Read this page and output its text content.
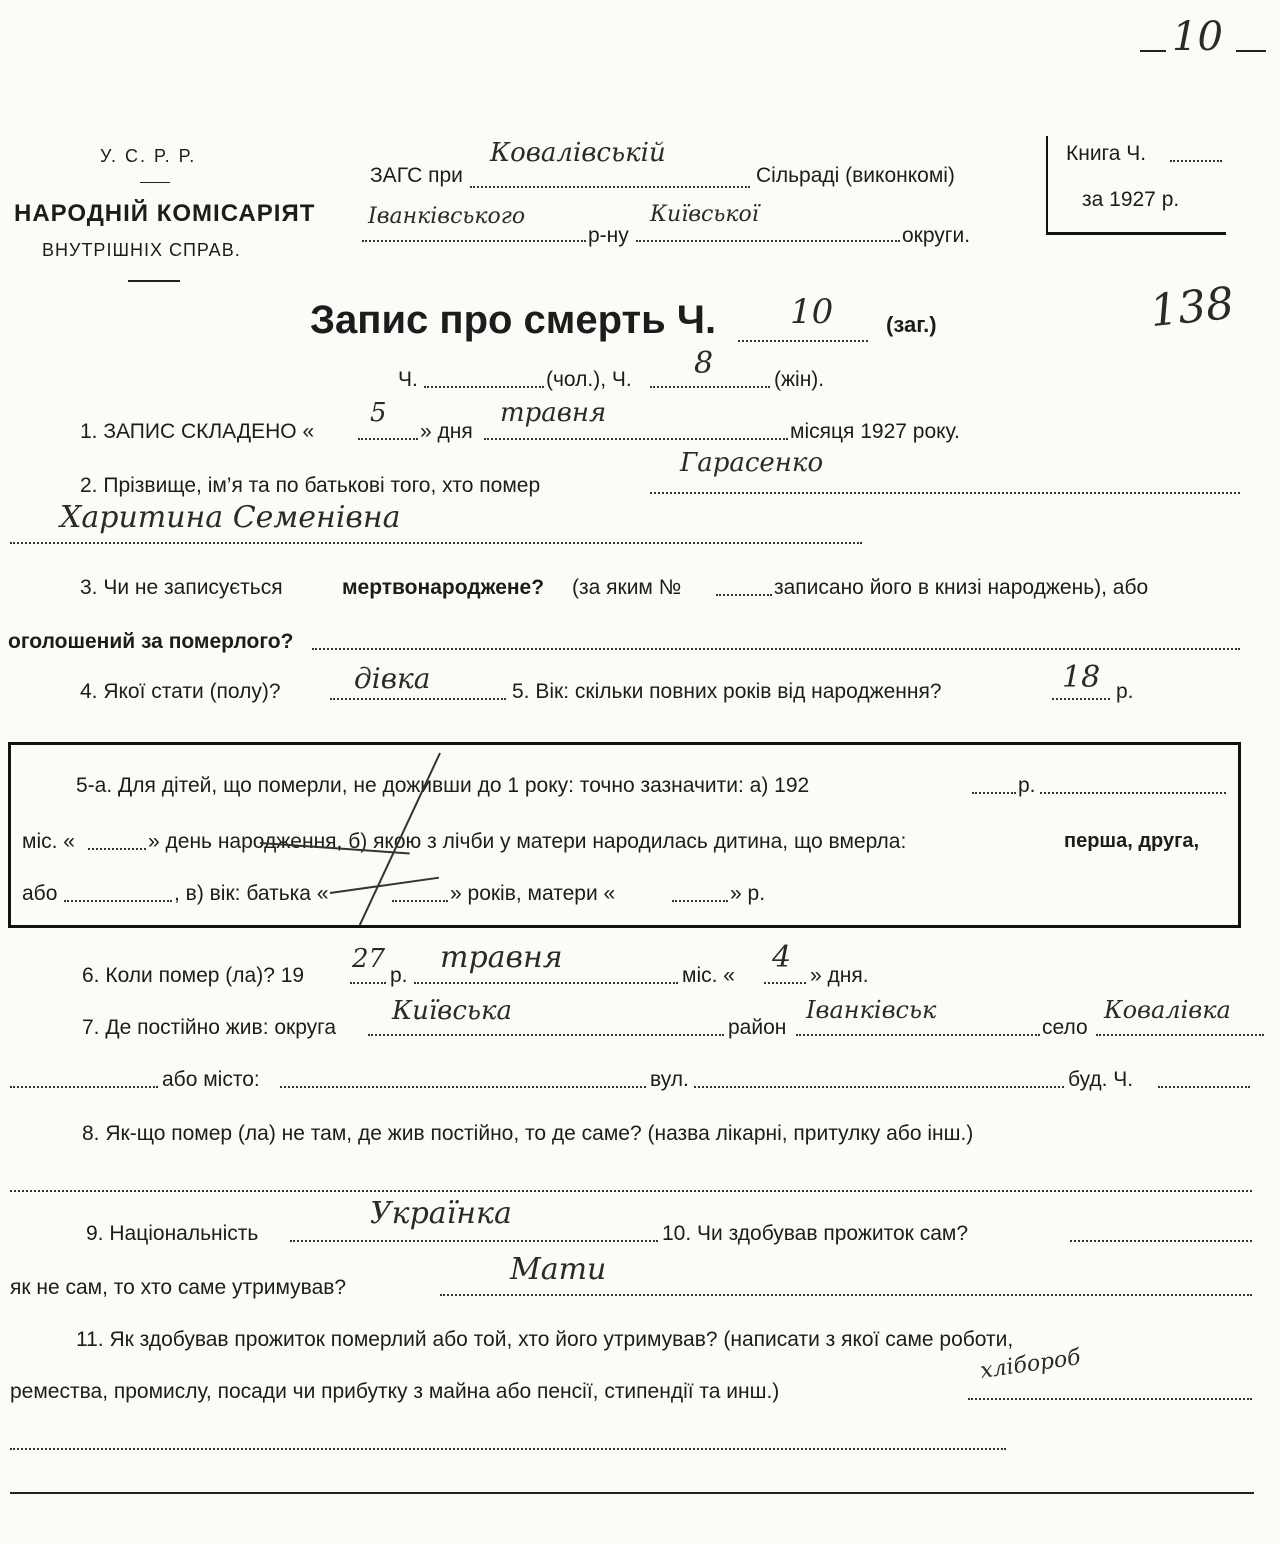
10
138
У. С. Р. Р.
НАРОДНІЙ КОМІСАРІЯТ
ВНУТРІШНІХ СПРАВ.
ЗАГС при
Ковалівській
Сільраді (виконкомі)
Іванківського
р-ну
Київської
округи.
Книга Ч.
за 1927 р.
Запис про смерть Ч. 10 (заг.)
Ч.	(чол.), Ч. 8	(жін).
1. ЗАПИС СКЛАДЕНО «
5
» дня
травня
місяця 1927 року.
2. Прізвище, ім’я та по батькові того, хто помер
Гарасенко
Харитина Семенівна
3. Чи не записується	мертвонароджене? (за яким №	записано його в книзі народжень), або
оголошений за померлого?
4. Якої стати (полу)?	дівка	5. Вік: скільки повних років від народження?	18 р.
5-а. Для дітей, що померли, не доживши до 1 року: точно зазначити: а) 192	р.
міс. «	» день народження, б) якою з лічби у матери народилась дитина, що вмерла:	перша, друга,
або	, в) вік: батька «	» років, матери «	» р.
6. Коли помер (ла)? 19
27
р.
травня
міс. «
4
» дня.
7. Де постійно жив: округа
Київська
район
Іванківськ
село
Ковалівка
або місто:	вул.	буд. Ч.
8. Як-що помер (ла) не там, де жив постійно, то де саме? (назва лікарні, притулку або інш.)
9. Національність
Українка
10. Чи здобував прожиток сам?
як не сам, то хто саме утримував?
Мати
11. Як здобував прожиток померлий або той, хто його утримував? (написати з якої саме роботи,
ремества, промислу, посади чи прибутку з майна або пенсії, стипендії та инш.)
хлібороб
